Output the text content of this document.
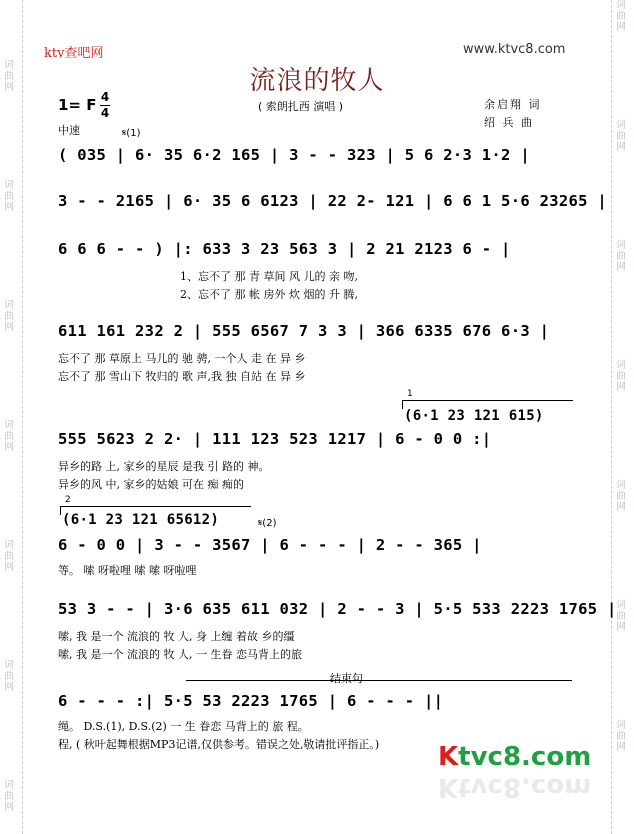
词曲网
词曲网
词曲网
词曲网
词曲网
词曲网
词曲网
词曲网
词曲网
词曲网
词曲网
词曲网
词曲网
词曲网
ktv查吧网	www.ktvc8.com
流浪的牧人
1= F 4
4	( 索朗扎西 演唱 )	余启翔 词
绍 兵 曲
中速	𝄋(1)
𝄋(2)
( 035 | 6· 35 6·2 165 | 3 - - 323 | 5 6 2·3 1·2 |
3 - - 2165 | 6· 35 6 6123 | 22 2- 121 | 6 6 1 5·6 23265 |
6 6 6 - - ) |: 633 3 23 563 3 | 2 21 2123 6 - |
1、忘不了 那 青 草间 风 儿的 亲 吻,
2、忘不了 那 帐 房外 炊 烟的 升 腾,
611 161 232 2 | 555 6567 7 3 3 | 366 6335 676 6·3 |
忘不了 那 草原上 马儿的 驰 骋, 一个人 走 在 异 乡
忘不了 那 雪山下 牧归的 歌 声,我 独 自站 在 异 乡
1
(6·1 23 121 615)
555 5623 2 2· | 111 123 523 1217 | 6 - 0 0 :|
异乡的路 上, 家乡的星辰 是我 引 路的 神。
异乡的风 中, 家乡的姑娘 可在 痴 痴的
2
(6·1 23 121 65612)
6 - 0 0 | 3 - - 3567 | 6 - - - | 2 - - 365 |
等。 嗦 呀啦哩 嗦 嗦 呀啦哩
53 3 - - | 3·6 635 611 032 | 2 - - 3 | 5·5 533 2223 1765 |
嗦, 我 是一个 流浪的 牧 人, 身 上缠 着故 乡的缰
嗦, 我 是一个 流浪的 牧 人, 一 生眷 恋马背上的旅
结束句
6 - - - :| 5·5 53 2223 1765 | 6 - - - ||
绳。 D.S.(1), D.S.(2) 一 生 眷恋 马背上的 旅 程。
程, ( 秋叶起舞根据MP3记谱,仅供参考。错误之处,敬请批评指正。) Ktvc8.com
Ktvc8.com
